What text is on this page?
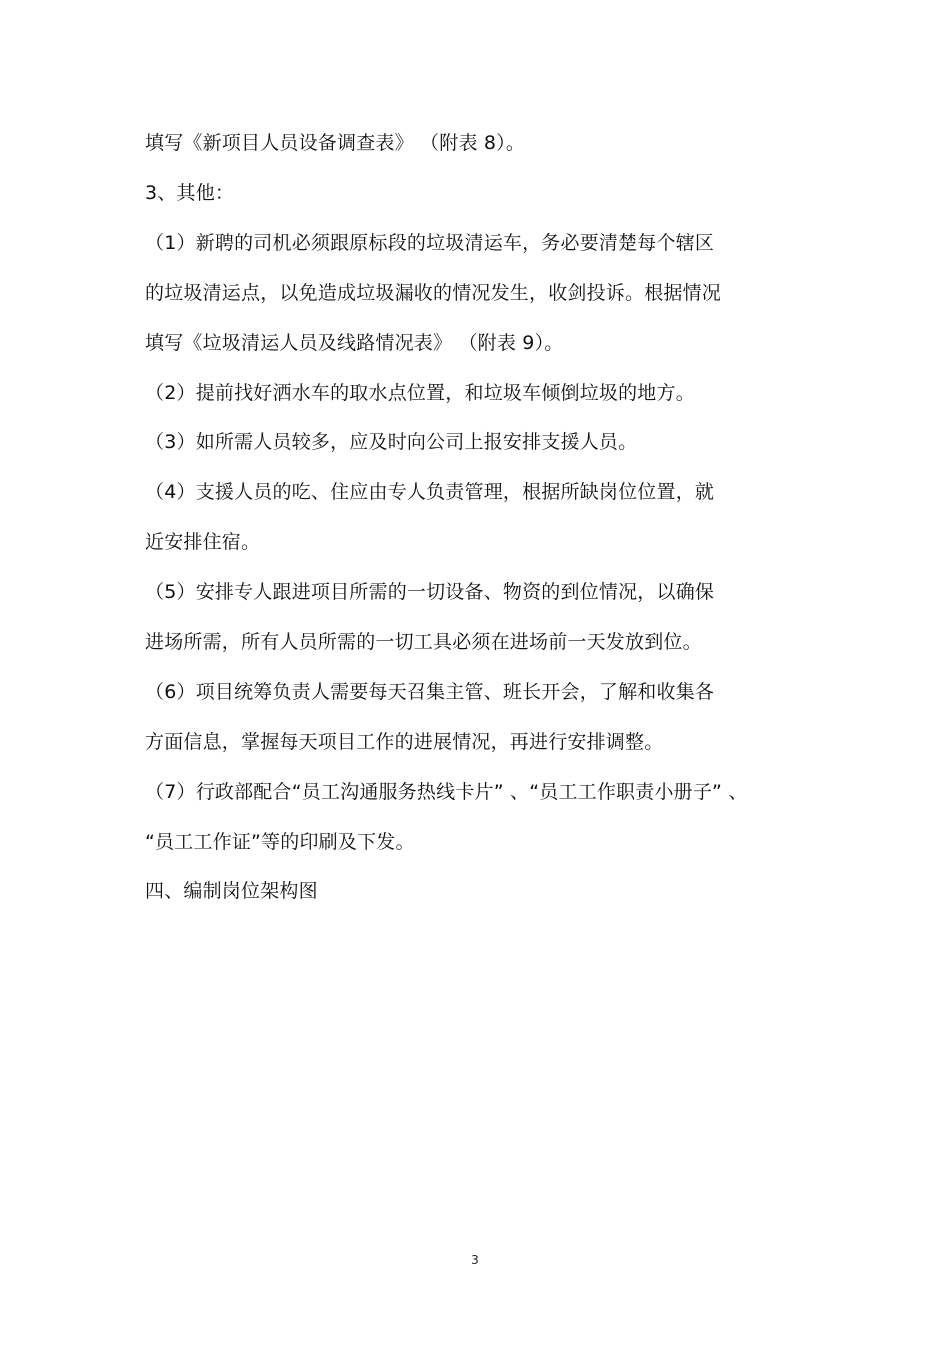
填写《新项目人员设备调查表》 （附表 8）。
3、其他：
（1）新聘的司机必须跟原标段的垃圾清运车，务必要清楚每个辖区
的垃圾清运点，以免造成垃圾漏收的情况发生，收剑投诉。根据情况
填写《垃圾清运人员及线路情况表》 （附表 9）。
（2）提前找好洒水车的取水点位置，和垃圾车倾倒垃圾的地方。
（3）如所需人员较多，应及时向公司上报安排支援人员。
（4）支援人员的吃、住应由专人负责管理，根据所缺岗位位置，就
近安排住宿。
（5）安排专人跟进项目所需的一切设备、物资的到位情况，以确保
进场所需，所有人员所需的一切工具必须在进场前一天发放到位。
（6）项目统筹负责人需要每天召集主管、班长开会，了解和收集各
方面信息，掌握每天项目工作的进展情况，再进行安排调整。
（7）行政部配合“员工沟通服务热线卡片” 、“员工工作职责小册子” 、
“员工工作证”等的印刷及下发。
四、编制岗位架构图
3
